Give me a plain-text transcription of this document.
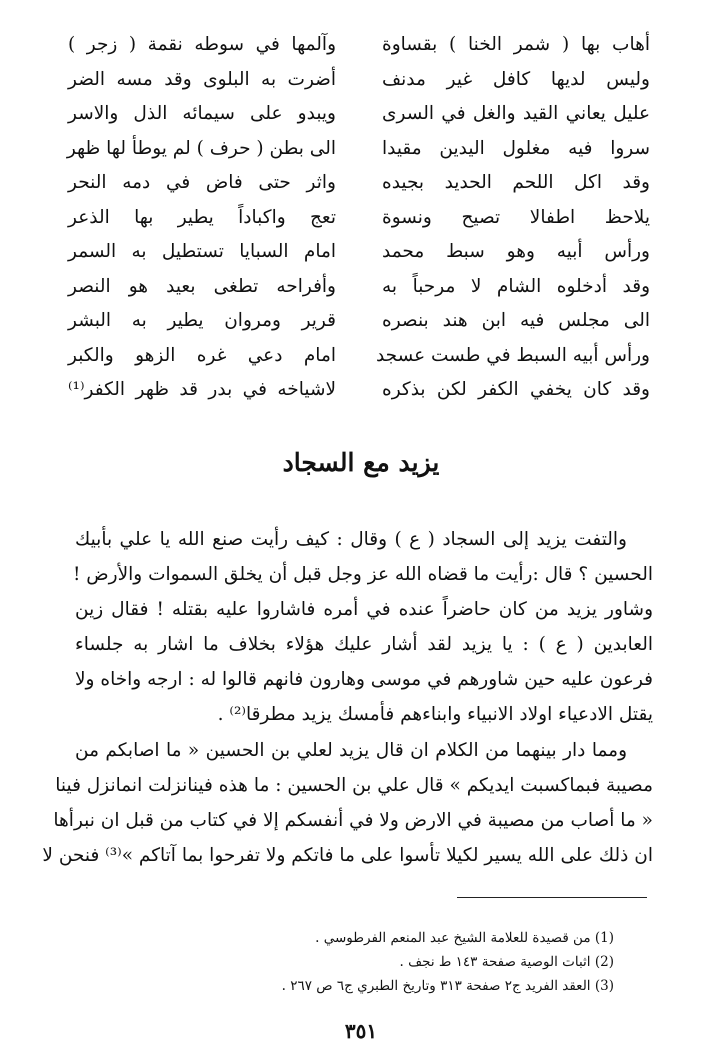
أهاب بها ( شمر الخنا ) بقساوة
وليس لديها كافل غير مدنف
عليل يعاني القيد والغل في السرى
سروا فيه مغلول اليدين مقيدا
وقد اكل اللحم الحديد بجيده
يلاحظ اطفالا تصيح ونسوة
ورأس أبيه وهو سبط محمد
وقد أدخلوه الشام لا مرحباً به
الى مجلس فيه ابن هند بنصره
ورأس أبيه السبط في طست عسجد
وقد كان يخفي الكفر لكن بذكره
وآلمها في سوطه نقمة ( زجر )
أضرت به البلوى وقد مسه الضر
ويبدو على سيمائه الذل والاسر
الى بطن ( حرف ) لم يوطأ لها ظهر
واثر حتى فاض في دمه النحر
تعج واكباداً يطير بها الذعر
امام السبايا تستطيل به السمر
وأفراحه تطغى بعيد هو النصر
قرير ومروان يطير به البشر
امام دعي غره الزهو والكبر
لاشياخه في بدر قد ظهر الكفر⁽¹⁾
يزيد مع السجاد
والتفت يزيد إلى السجاد ( ع ) وقال : كيف رأيت صنع الله يا علي بأبيك
الحسين ؟ قال :رأيت ما قضاه الله عز وجل قبل أن يخلق السموات والأرض !
وشاور يزيد من كان حاضراً عنده في أمره فاشاروا عليه بقتله ! فقال زين
العابدين ( ع ) : يا يزيد لقد أشار عليك هؤلاء بخلاف ما اشار به جلساء
فرعون عليه حين شاورهم في موسى وهارون فانهم قالوا له : ارجه واخاه ولا
يقتل الادعياء اولاد الانبياء وابناءهم فأمسك يزيد مطرقا⁽²⁾ .
ومما دار بينهما من الكلام ان قال يزيد لعلي بن الحسين « ما اصابكم من
مصيبة فبماكسبت ايديكم » قال علي بن الحسين : ما هذه فينانزلت انمانزل فينا
« ما أصاب من مصيبة في الارض ولا في أنفسكم إلا في كتاب من قبل ان نبرأها
ان ذلك على الله يسير لكيلا تأسوا على ما فاتكم ولا تفرحوا بما آتاكم »⁽³⁾ فنحن لا
(1) من قصيدة للعلامة الشيخ عبد المنعم الفرطوسي .
(2) اثبات الوصية صفحة ١٤٣ ط نجف .
(3) العقد الفريد ج٢ صفحة ٣١٣ وتاريخ الطبري ج٦ ص ٢٦٧ .
٣٥١
